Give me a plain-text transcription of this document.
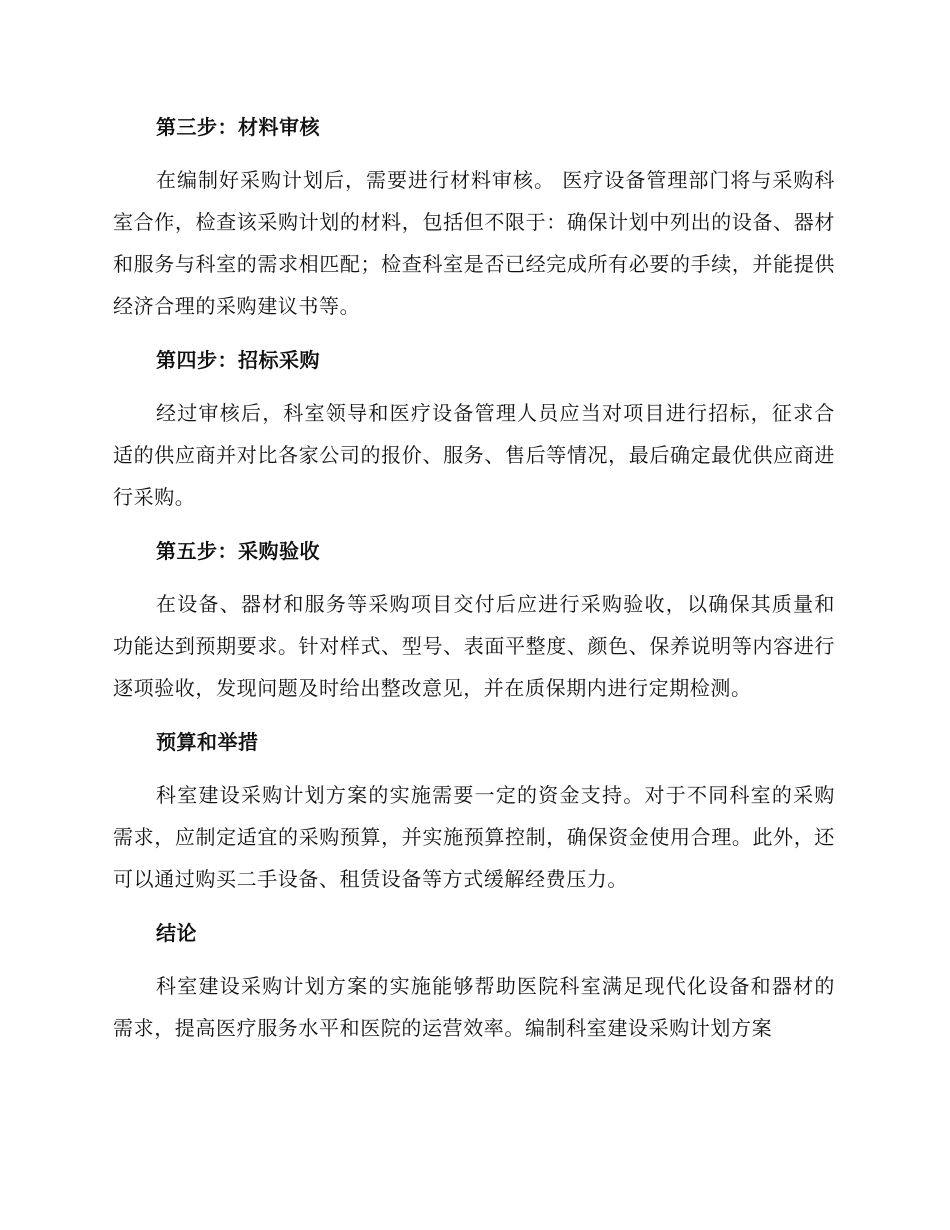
第三步：材料审核

在编制好采购计划后，需要进行材料审核。 医疗设备管理部门将与采购科室合作，检查该采购计划的材料，包括但不限于：确保计划中列出的设备、器材和服务与科室的需求相匹配；检查科室是否已经完成所有必要的手续，并能提供经济合理的采购建议书等。

第四步：招标采购

经过审核后，科室领导和医疗设备管理人员应当对项目进行招标，征求合适的供应商并对比各家公司的报价、服务、售后等情况，最后确定最优供应商进行采购。

第五步：采购验收

在设备、器材和服务等采购项目交付后应进行采购验收，以确保其质量和功能达到预期要求。针对样式、型号、表面平整度、颜色、保养说明等内容进行逐项验收，发现问题及时给出整改意见，并在质保期内进行定期检测。

预算和举措

科室建设采购计划方案的实施需要一定的资金支持。对于不同科室的采购需求，应制定适宜的采购预算，并实施预算控制，确保资金使用合理。此外，还可以通过购买二手设备、租赁设备等方式缓解经费压力。

结论

科室建设采购计划方案的实施能够帮助医院科室满足现代化设备和器材的需求，提高医疗服务水平和医院的运营效率。编制科室建设采购计划方案
